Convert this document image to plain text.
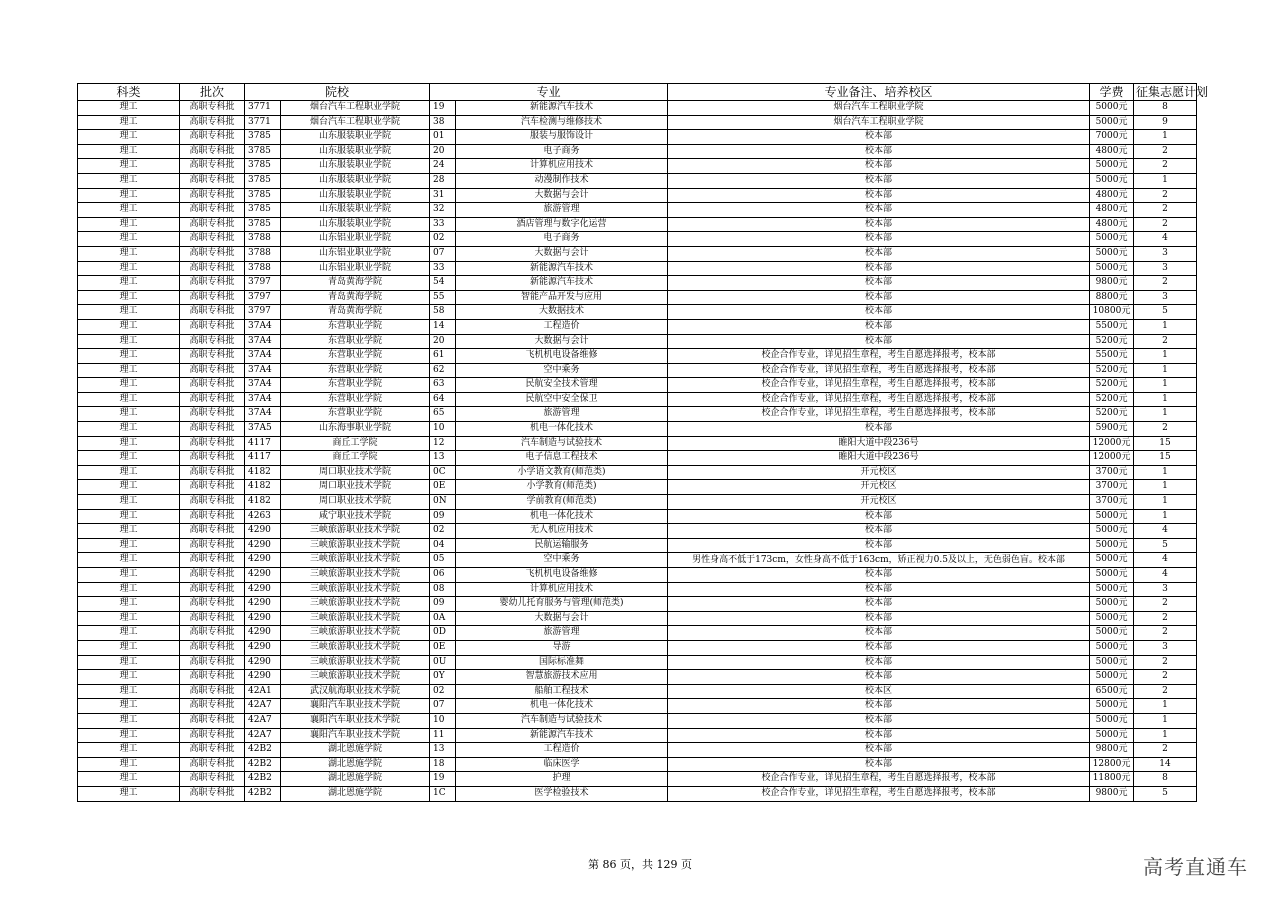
科类	批次	院校		专业		专业备注、培养校区	学费	征集志愿计划
理工	高职专科批	3771	烟台汽车工程职业学院	19	新能源汽车技术	烟台汽车工程职业学院	5000元	8
理工	高职专科批	3771	烟台汽车工程职业学院	38	汽车检测与维修技术	烟台汽车工程职业学院	5000元	9
理工	高职专科批	3785	山东服装职业学院	01	服装与服饰设计	校本部	7000元	1
理工	高职专科批	3785	山东服装职业学院	20	电子商务	校本部	4800元	2
理工	高职专科批	3785	山东服装职业学院	24	计算机应用技术	校本部	5000元	2
理工	高职专科批	3785	山东服装职业学院	28	动漫制作技术	校本部	5000元	1
理工	高职专科批	3785	山东服装职业学院	31	大数据与会计	校本部	4800元	2
理工	高职专科批	3785	山东服装职业学院	32	旅游管理	校本部	4800元	2
理工	高职专科批	3785	山东服装职业学院	33	酒店管理与数字化运营	校本部	4800元	2
理工	高职专科批	3788	山东铝业职业学院	02	电子商务	校本部	5000元	4
理工	高职专科批	3788	山东铝业职业学院	07	大数据与会计	校本部	5000元	3
理工	高职专科批	3788	山东铝业职业学院	33	新能源汽车技术	校本部	5000元	3
理工	高职专科批	3797	青岛黄海学院	54	新能源汽车技术	校本部	9800元	2
理工	高职专科批	3797	青岛黄海学院	55	智能产品开发与应用	校本部	8800元	3
理工	高职专科批	3797	青岛黄海学院	58	大数据技术	校本部	10800元	5
理工	高职专科批	37A4	东营职业学院	14	工程造价	校本部	5500元	1
理工	高职专科批	37A4	东营职业学院	20	大数据与会计	校本部	5200元	2
理工	高职专科批	37A4	东营职业学院	61	飞机机电设备维修	校企合作专业，详见招生章程，考生自愿选择报考，校本部	5500元	1
理工	高职专科批	37A4	东营职业学院	62	空中乘务	校企合作专业，详见招生章程，考生自愿选择报考，校本部	5200元	1
理工	高职专科批	37A4	东营职业学院	63	民航安全技术管理	校企合作专业，详见招生章程，考生自愿选择报考，校本部	5200元	1
理工	高职专科批	37A4	东营职业学院	64	民航空中安全保卫	校企合作专业，详见招生章程，考生自愿选择报考，校本部	5200元	1
理工	高职专科批	37A4	东营职业学院	65	旅游管理	校企合作专业，详见招生章程，考生自愿选择报考，校本部	5200元	1
理工	高职专科批	37A5	山东海事职业学院	10	机电一体化技术	校本部	5900元	2
理工	高职专科批	4117	商丘工学院	12	汽车制造与试验技术	睢阳大道中段236号	12000元	15
理工	高职专科批	4117	商丘工学院	13	电子信息工程技术	睢阳大道中段236号	12000元	15
理工	高职专科批	4182	周口职业技术学院	0C	小学语文教育(师范类)	开元校区	3700元	1
理工	高职专科批	4182	周口职业技术学院	0E	小学教育(师范类)	开元校区	3700元	1
理工	高职专科批	4182	周口职业技术学院	0N	学前教育(师范类)	开元校区	3700元	1
理工	高职专科批	4263	咸宁职业技术学院	09	机电一体化技术	校本部	5000元	1
理工	高职专科批	4290	三峡旅游职业技术学院	02	无人机应用技术	校本部	5000元	4
理工	高职专科批	4290	三峡旅游职业技术学院	04	民航运输服务	校本部	5000元	5
理工	高职专科批	4290	三峡旅游职业技术学院	05	空中乘务	男性身高不低于173cm，女性身高不低于163cm，矫正视力0.5及以上，无色弱色盲。校本部	5000元	4
理工	高职专科批	4290	三峡旅游职业技术学院	06	飞机机电设备维修	校本部	5000元	4
理工	高职专科批	4290	三峡旅游职业技术学院	08	计算机应用技术	校本部	5000元	3
理工	高职专科批	4290	三峡旅游职业技术学院	09	婴幼儿托育服务与管理(师范类)	校本部	5000元	2
理工	高职专科批	4290	三峡旅游职业技术学院	0A	大数据与会计	校本部	5000元	2
理工	高职专科批	4290	三峡旅游职业技术学院	0D	旅游管理	校本部	5000元	2
理工	高职专科批	4290	三峡旅游职业技术学院	0E	导游	校本部	5000元	3
理工	高职专科批	4290	三峡旅游职业技术学院	0U	国际标准舞	校本部	5000元	2
理工	高职专科批	4290	三峡旅游职业技术学院	0Y	智慧旅游技术应用	校本部	5000元	2
理工	高职专科批	42A1	武汉航海职业技术学院	02	船舶工程技术	校本区	6500元	2
理工	高职专科批	42A7	襄阳汽车职业技术学院	07	机电一体化技术	校本部	5000元	1
理工	高职专科批	42A7	襄阳汽车职业技术学院	10	汽车制造与试验技术	校本部	5000元	1
理工	高职专科批	42A7	襄阳汽车职业技术学院	11	新能源汽车技术	校本部	5000元	1
理工	高职专科批	42B2	湖北恩施学院	13	工程造价	校本部	9800元	2
理工	高职专科批	42B2	湖北恩施学院	18	临床医学	校本部	12800元	14
理工	高职专科批	42B2	湖北恩施学院	19	护理	校企合作专业，详见招生章程，考生自愿选择报考，校本部	11800元	8
理工	高职专科批	42B2	湖北恩施学院	1C	医学检验技术	校企合作专业，详见招生章程，考生自愿选择报考，校本部	9800元	5
第 86 页，共 129 页	高考直通车
